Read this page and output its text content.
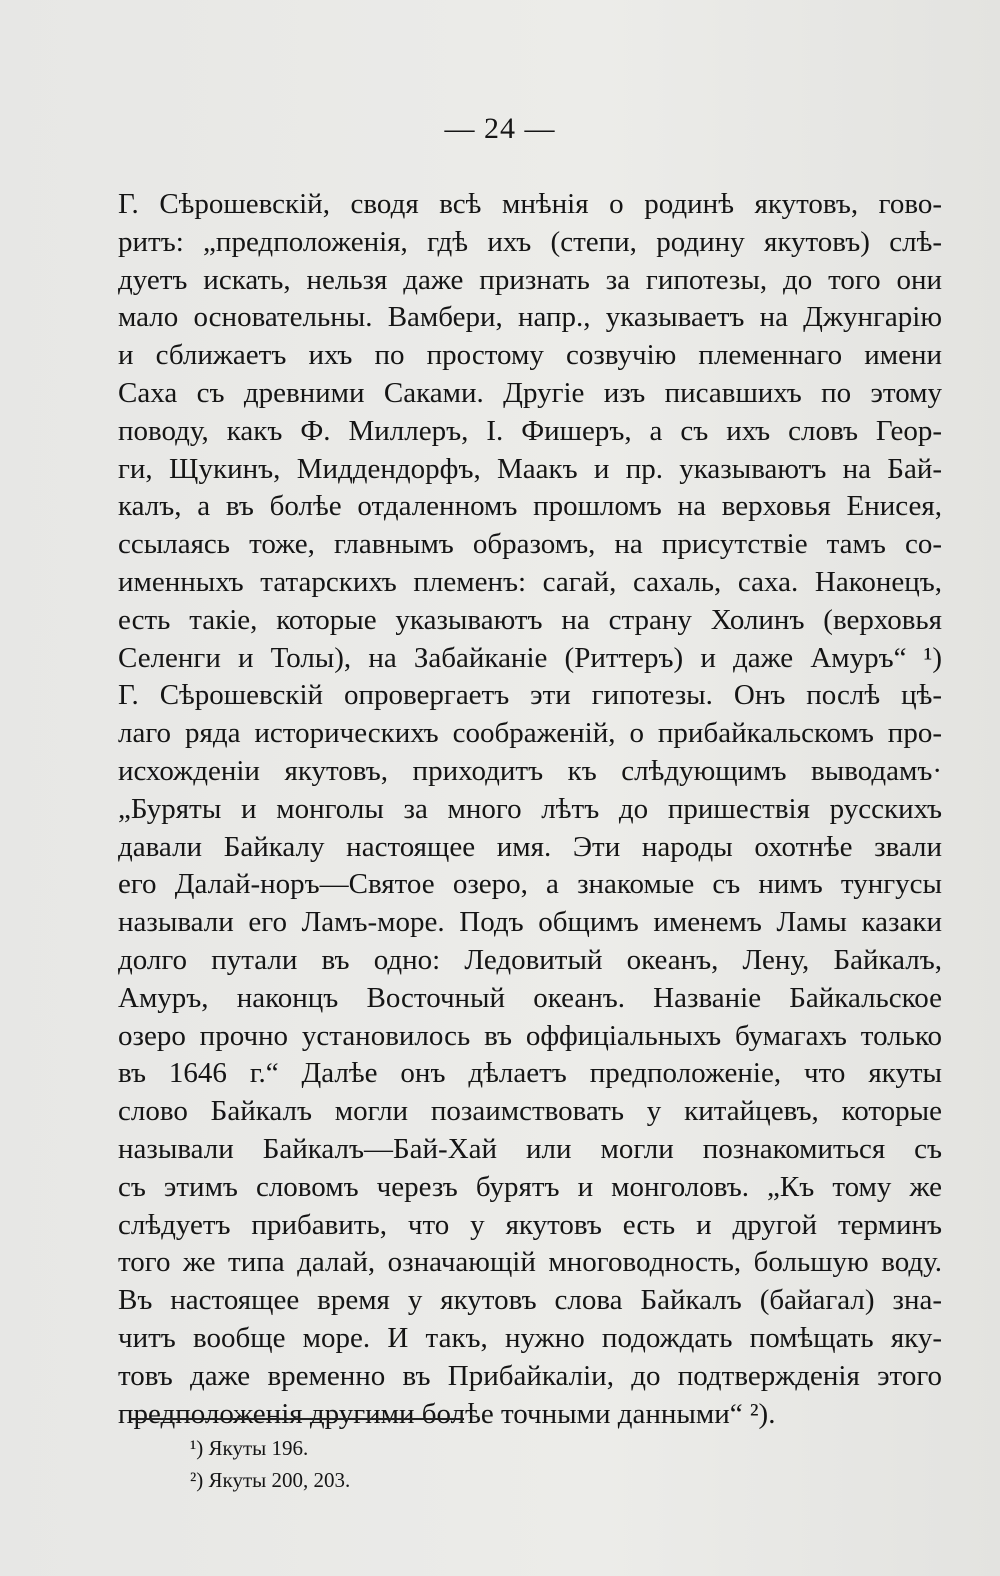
— 24 —
Г. Сѣрошевскій, сводя всѣ мнѣнія о родинѣ якутовъ, гово-
ритъ: „предположенія, гдѣ ихъ (степи, родину якутовъ) слѣ-
дуетъ искать, нельзя даже признать за гипотезы, до того они
мало основательны. Вамбери, напр., указываетъ на Джунгарію
и сближаетъ ихъ по простому созвучію племеннаго имени
Саха съ древними Саками. Другіе изъ писавшихъ по этому
поводу, какъ Ф. Миллеръ, І. Фишеръ, а съ ихъ словъ Геор-
ги, Щукинъ, Миддендорфъ, Маакъ и пр. указываютъ на Бай-
калъ, а въ болѣе отдаленномъ прошломъ на верховья Енисея,
ссылаясь тоже, главнымъ образомъ, на присутствіе тамъ со-
именныхъ татарскихъ племенъ: сагай, сахаль, саха. Наконецъ,
есть такіе, которые указываютъ на страну Холинъ (верховья
Селенги и Толы), на Забайканіе (Риттеръ) и даже Амуръ“ ¹)
Г. Сѣрошевскій опровергаетъ эти гипотезы. Онъ послѣ цѣ-
лаго ряда историческихъ соображеній, о прибайкальскомъ про-
исхожденіи якутовъ, приходитъ къ слѣдующимъ выводамъ·
„Буряты и монголы за много лѣтъ до пришествія русскихъ
давали Байкалу настоящее имя. Эти народы охотнѣе звали
его Далай-норъ—Святое озеро, а знакомые съ нимъ тунгусы
называли его Ламъ-море. Подъ общимъ именемъ Ламы казаки
долго путали въ одно: Ледовитый океанъ, Лену, Байкалъ,
Амуръ, наконцъ Восточный океанъ. Названіе Байкальское
озеро прочно установилось въ оффиціальныхъ бумагахъ только
въ 1646 г.“ Далѣе онъ дѣлаетъ предположеніе, что якуты
слово Байкалъ могли позаимствовать у китайцевъ, которые
называли Байкалъ—Бай-Хай или могли познакомиться съ
съ этимъ словомъ черезъ бурятъ и монголовъ. „Къ тому же
слѣдуетъ прибавить, что у якутовъ есть и другой терминъ
того же типа далай, означающій многоводность, большую воду.
Въ настоящее время у якутовъ слова Байкалъ (байагал) зна-
читъ вообще море. И такъ, нужно подождать помѣщать яку-
товъ даже временно въ Прибайкаліи, до подтвержденія этого
предположенія другими болѣе точными данными“ ²).
¹) Якуты 196.
²) Якуты 200, 203.
